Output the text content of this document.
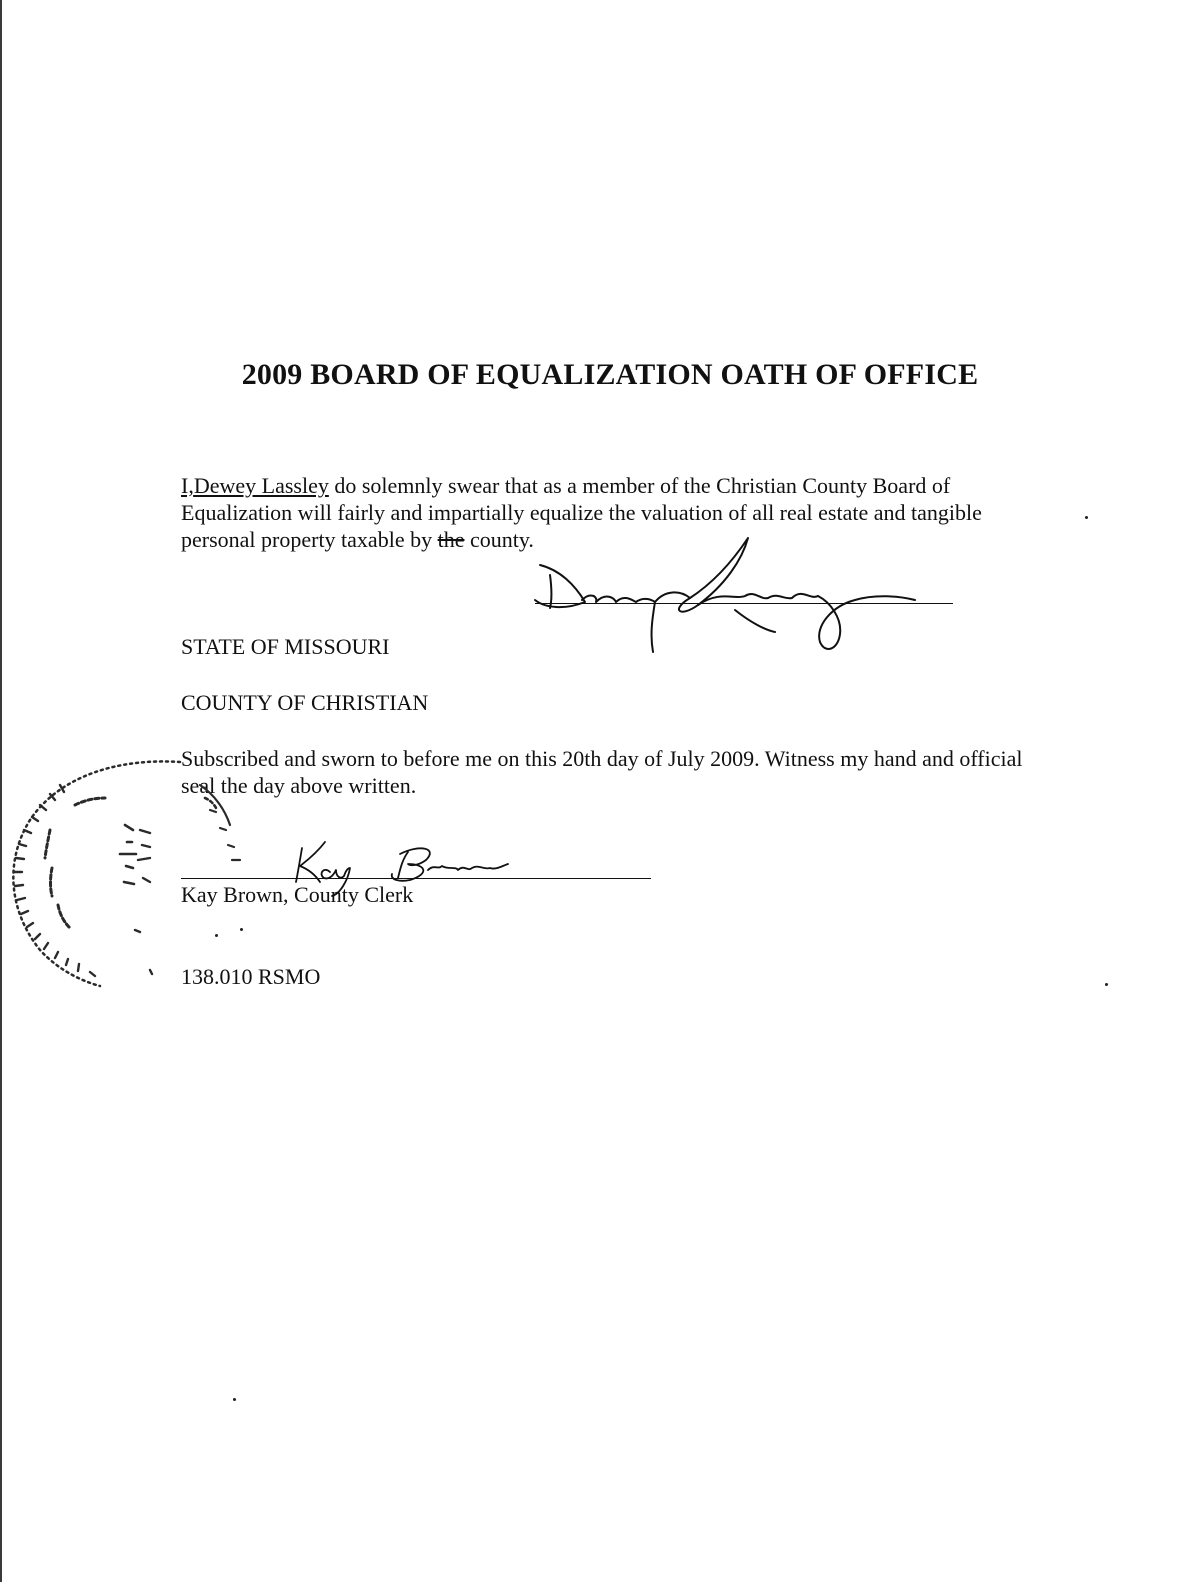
2009 BOARD OF EQUALIZATION OATH OF OFFICE

I,Dewey Lassley do solemnly swear that as a member of the Christian County Board of Equalization will fairly and impartially equalize the valuation of all real estate and tangible personal property taxable by the county.

STATE OF MISSOURI

COUNTY OF CHRISTIAN

Subscribed and sworn to before me on this 20th day of July 2009. Witness my hand and official seal the day above written.

Kay Brown, County Clerk

138.010 RSMO
